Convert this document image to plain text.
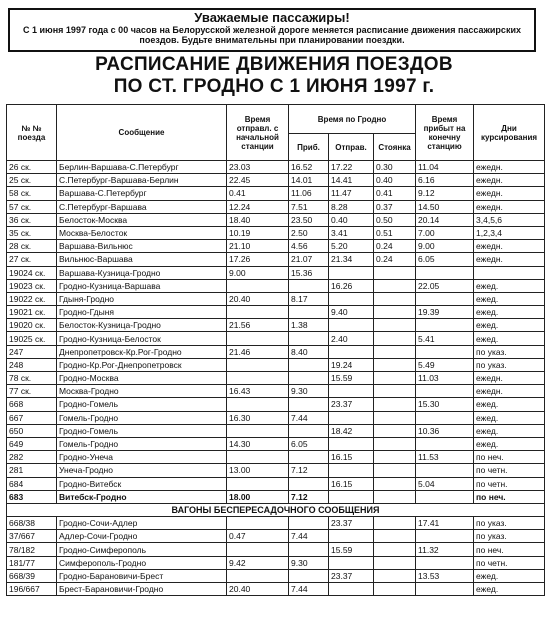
Уважаемые пассажиры!
С 1 июня 1997 года с 00 часов на Белорусской железной дороге меняется расписание движения пассажирских поездов. Будьте внимательны при планировании поездки.
РАСПИСАНИЕ ДВИЖЕНИЯ ПОЕЗДОВ
ПО СТ. ГРОДНО С 1 ИЮНЯ 1997 г.
№ № поезда	Сообщение	Время отправл. с начальной станции	Время по Гродно			Время прибыт на конечну станцию	Дни курсирования
			Приб.	Отправ.	Стоянка		
26 ск.	Берлин-Варшава-С.Петербург	23.03	16.52	17.22	0.30	11.04	ежедн.
25 ск.	С.Петербург-Варшава-Берлин	22.45	14.01	14.41	0.40	6.16	ежедн.
58 ск.	Варшава-С.Петербург	0.41	11.06	11.47	0.41	9.12	ежедн.
57 ск.	С.Петербург-Варшава	12.24	7.51	8.28	0.37	14.50	ежедн.
36 ск.	Белосток-Москва	18.40	23.50	0.40	0.50	20.14	3,4,5,6
35 ск.	Москва-Белосток	10.19	2.50	3.41	0.51	7.00	1,2,3,4
28 ск.	Варшава-Вильнюс	21.10	4.56	5.20	0.24	9.00	ежедн.
27 ск.	Вильнюс-Варшава	17.26	21.07	21.34	0.24	6.05	ежедн.
19024 ск.	Варшава-Кузница-Гродно	9.00	15.36				
19023 ск.	Гродно-Кузница-Варшава			16.26		22.05	ежед.
19022 ск.	Гдыня-Гродно	20.40	8.17				ежед.
19021 ск.	Гродно-Гдыня			9.40		19.39	ежед.
19020 ск.	Белосток-Кузница-Гродно	21.56	1.38				ежед.
19025 ск.	Гродно-Кузница-Белосток			2.40		5.41	ежед.
247	Днепропетровск-Кр.Рог-Гродно	21.46	8.40				по указ.
248	Гродно-Кр.Рог-Днепропетровск			19.24		5.49	по указ.
78 ск.	Гродно-Москва			15.59		11.03	ежедн.
77 ск.	Москва-Гродно	16.43	9.30				ежедн.
668	Гродно-Гомель			23.37		15.30	ежед.
667	Гомель-Гродно	16.30	7.44				ежед.
650	Гродно-Гомель			18.42		10.36	ежед.
649	Гомель-Гродно	14.30	6.05				ежед.
282	Гродно-Унеча			16.15		11.53	по неч.
281	Унеча-Гродно	13.00	7.12				по четн.
684	Гродно-Витебск			16.15		5.04	по четн.
683	Витебск-Гродно	18.00	7.12				по неч.
ВАГОНЫ БЕСПЕРЕСАДОЧНОГО СООБЩЕНИЯ							
668/38	Гродно-Сочи-Адлер			23.37		17.41	по указ.
37/667	Адлер-Сочи-Гродно	0.47	7.44				по указ.
78/182	Гродно-Симферополь			15.59		11.32	по неч.
181/77	Симферополь-Гродно	9.42	9.30				по четн.
668/39	Гродно-Барановичи-Брест			23.37		13.53	ежед.
196/667	Брест-Барановичи-Гродно	20.40	7.44				ежед.
